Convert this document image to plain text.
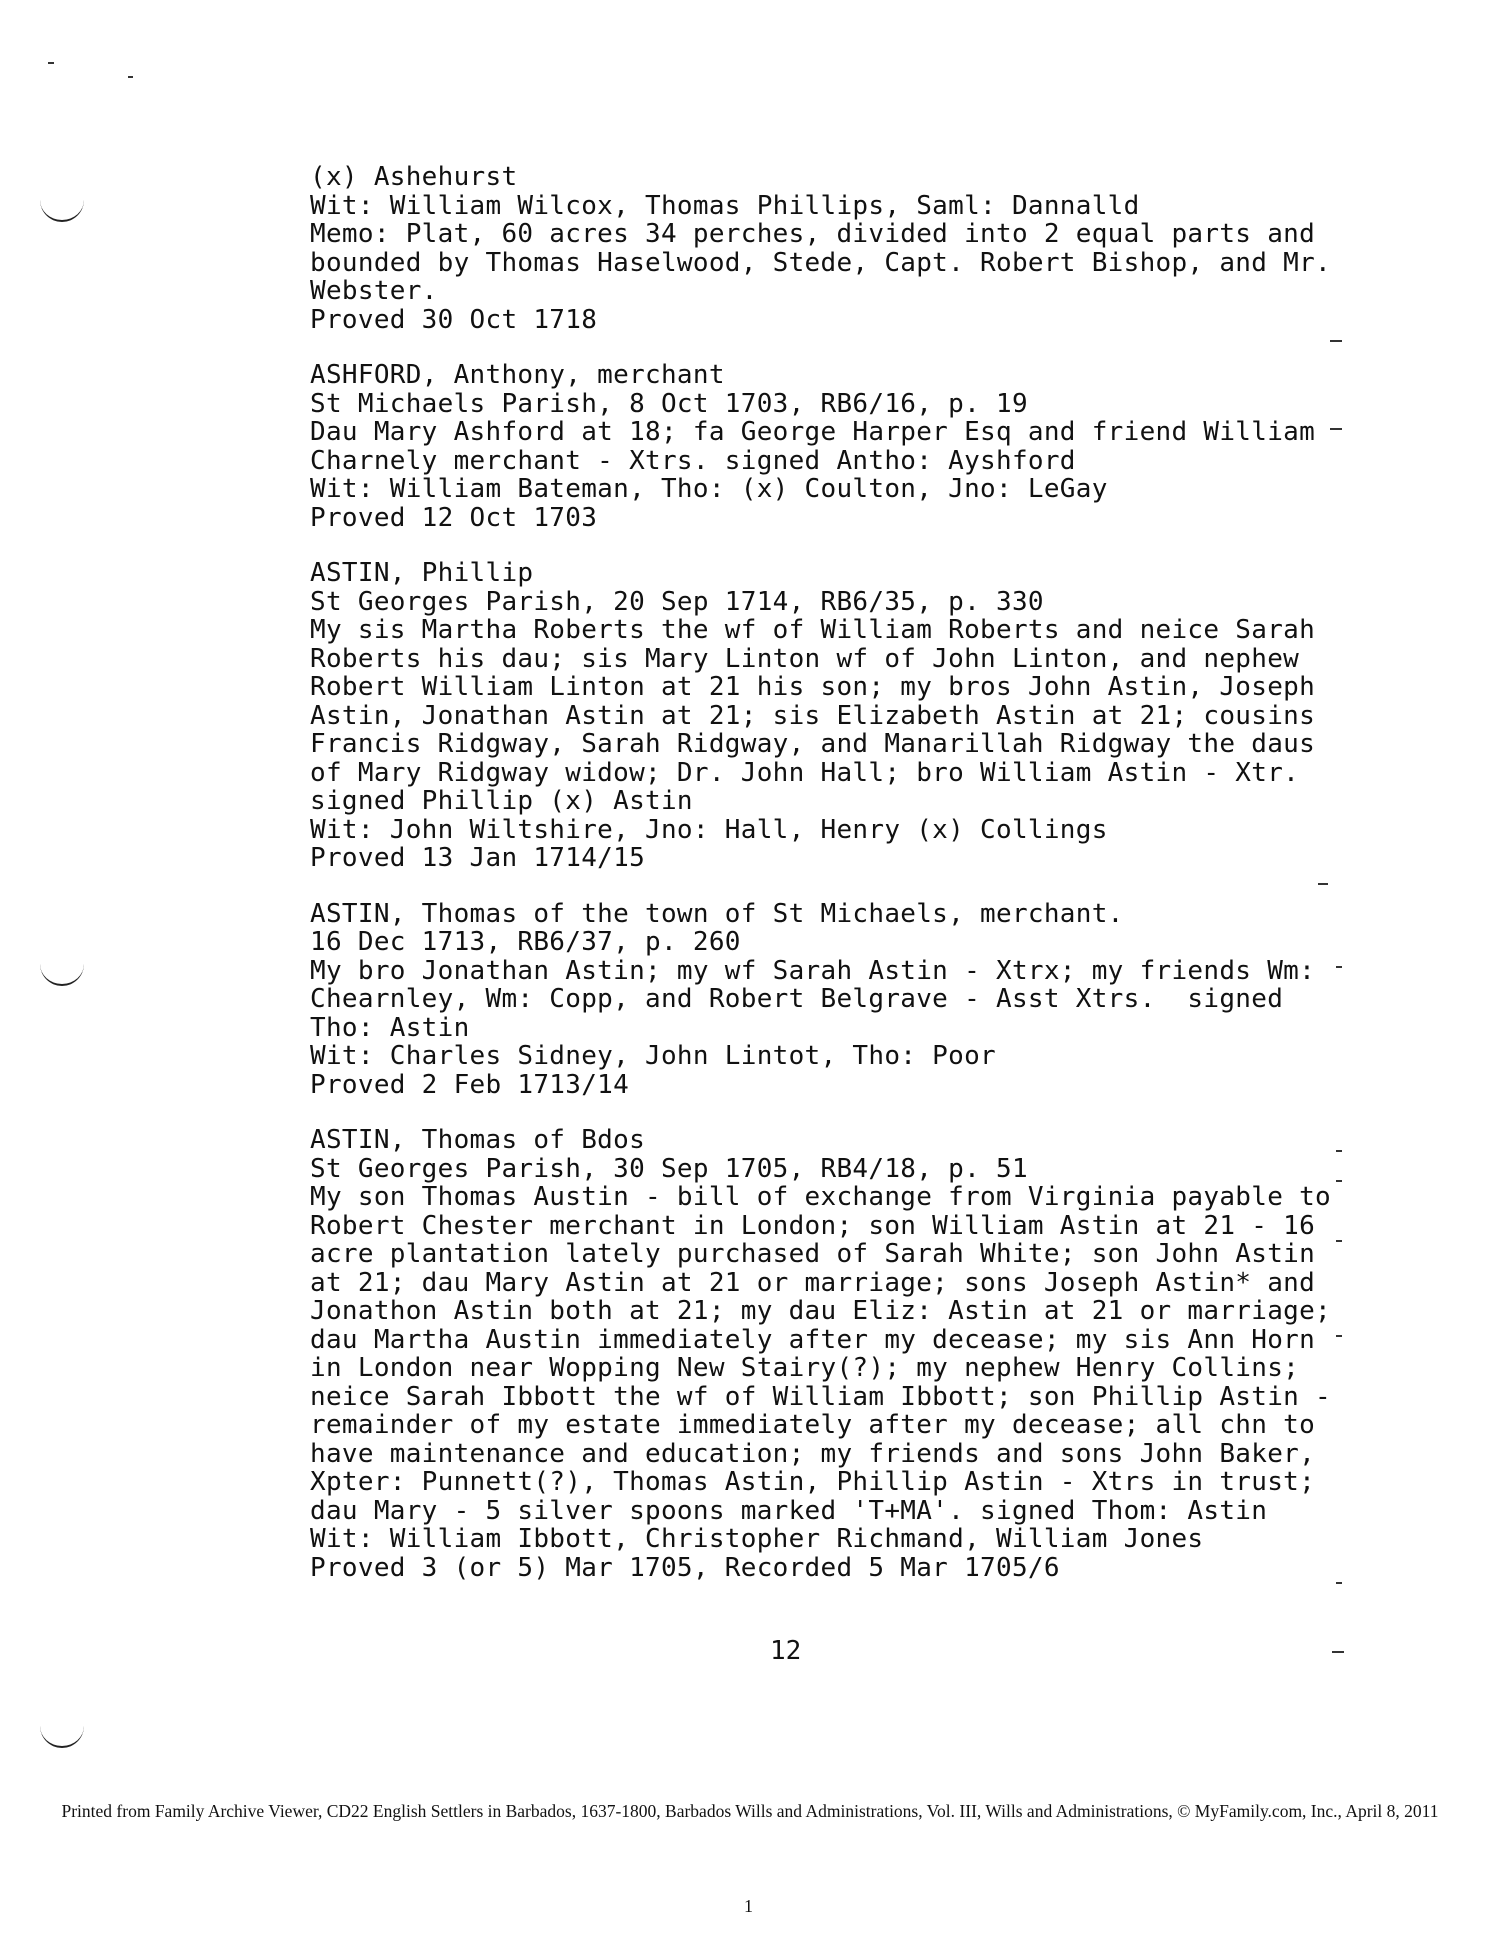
(x) Ashehurst
Wit: William Wilcox, Thomas Phillips, Saml: Dannalld
Memo: Plat, 60 acres 34 perches, divided into 2 equal parts and
bounded by Thomas Haselwood, Stede, Capt. Robert Bishop, and Mr.
Webster.
Proved 30 Oct 1718
ASHFORD, Anthony, merchant
St Michaels Parish, 8 Oct 1703, RB6/16, p. 19
Dau Mary Ashford at 18; fa George Harper Esq and friend William
Charnely merchant - Xtrs. signed Antho: Ayshford
Wit: William Bateman, Tho: (x) Coulton, Jno: LeGay
Proved 12 Oct 1703
ASTIN, Phillip
St Georges Parish, 20 Sep 1714, RB6/35, p. 330
My sis Martha Roberts the wf of William Roberts and neice Sarah
Roberts his dau; sis Mary Linton wf of John Linton, and nephew
Robert William Linton at 21 his son; my bros John Astin, Joseph
Astin, Jonathan Astin at 21; sis Elizabeth Astin at 21; cousins
Francis Ridgway, Sarah Ridgway, and Manarillah Ridgway the daus
of Mary Ridgway widow; Dr. John Hall; bro William Astin - Xtr.
signed Phillip (x) Astin
Wit: John Wiltshire, Jno: Hall, Henry (x) Collings
Proved 13 Jan 1714/15
ASTIN, Thomas of the town of St Michaels, merchant.
16 Dec 1713, RB6/37, p. 260
My bro Jonathan Astin; my wf Sarah Astin - Xtrx; my friends Wm:
Chearnley, Wm: Copp, and Robert Belgrave - Asst Xtrs.  signed
Tho: Astin
Wit: Charles Sidney, John Lintot, Tho: Poor
Proved 2 Feb 1713/14
ASTIN, Thomas of Bdos
St Georges Parish, 30 Sep 1705, RB4/18, p. 51
My son Thomas Austin - bill of exchange from Virginia payable to
Robert Chester merchant in London; son William Astin at 21 - 16
acre plantation lately purchased of Sarah White; son John Astin
at 21; dau Mary Astin at 21 or marriage; sons Joseph Astin* and
Jonathon Astin both at 21; my dau Eliz: Astin at 21 or marriage;
dau Martha Austin immediately after my decease; my sis Ann Horn
in London near Wopping New Stairy(?); my nephew Henry Collins;
neice Sarah Ibbott the wf of William Ibbott; son Phillip Astin -
remainder of my estate immediately after my decease; all chn to
have maintenance and education; my friends and sons John Baker,
Xpter: Punnett(?), Thomas Astin, Phillip Astin - Xtrs in trust;
dau Mary - 5 silver spoons marked 'T+MA'. signed Thom: Astin
Wit: William Ibbott, Christopher Richmand, William Jones
Proved 3 (or 5) Mar 1705, Recorded 5 Mar 1705/6
12
Printed from Family Archive Viewer, CD22 English Settlers in Barbados, 1637-1800, Barbados Wills and Administrations, Vol. III, Wills and Administrations, © MyFamily.com, Inc., April 8, 2011
1
